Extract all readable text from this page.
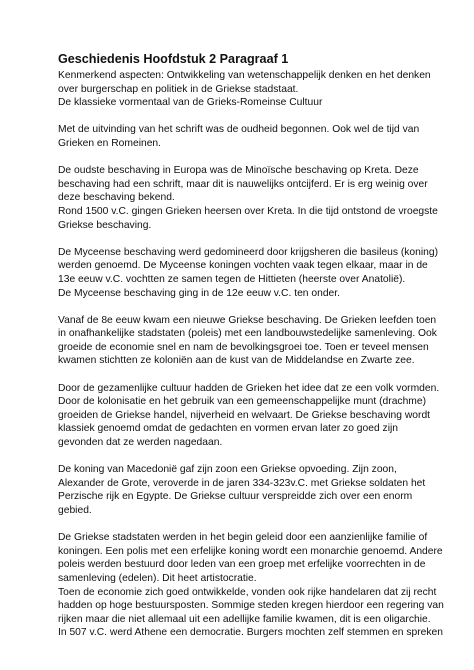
Geschiedenis Hoofdstuk 2 Paragraaf 1
Kenmerkend aspecten: Ontwikkeling van wetenschappelijk denken en het denken
over burgerschap en politiek in de Griekse stadstaat.
De klassieke vormentaal van de Grieks-Romeinse Cultuur
Met de uitvinding van het schrift was de oudheid begonnen. Ook wel de tijd van
Grieken en Romeinen.
De oudste beschaving in Europa was de Minoïsche beschaving op Kreta. Deze
beschaving had een schrift, maar dit is nauwelijks ontcijferd. Er is erg weinig over
deze beschaving bekend.
Rond 1500 v.C. gingen Grieken heersen over Kreta. In die tijd ontstond de vroegste
Griekse beschaving.
De Myceense beschaving werd gedomineerd door krijgsheren die basileus (koning)
werden genoemd. De Myceense koningen vochten vaak tegen elkaar, maar in de
13e eeuw v.C. vochtten ze samen tegen de Hittieten (heerste over Anatolië).
De Myceense beschaving ging in de 12e eeuw v.C. ten onder.
Vanaf de 8e eeuw kwam een nieuwe Griekse beschaving. De Grieken leefden toen
in onafhankelijke stadstaten (poleis) met een landbouwstedelijke samenleving. Ook
groeide de economie snel en nam de bevolkingsgroei toe. Toen er teveel mensen
kwamen stichtten ze koloniën aan de kust van de Middelandse en Zwarte zee.
Door de gezamenlijke cultuur hadden de Grieken het idee dat ze een volk vormden.
Door de kolonisatie en het gebruik van een gemeenschappelijke munt (drachme)
groeiden de Griekse handel, nijverheid en welvaart. De Griekse beschaving wordt
klassiek genoemd omdat de gedachten en vormen ervan later zo goed zijn
gevonden dat ze werden nagedaan.
De koning van Macedonië gaf zijn zoon een Griekse opvoeding. Zijn zoon,
Alexander de Grote, veroverde in de jaren 334-323v.C. met Griekse soldaten het
Perzische rijk en Egypte. De Griekse cultuur verspreidde zich over een enorm
gebied.
De Griekse stadstaten werden in het begin geleid door een aanzienlijke familie of
koningen. Een polis met een erfelijke koning wordt een monarchie genoemd. Andere
poleis werden bestuurd door leden van een groep met erfelijke voorrechten in de
samenleving (edelen). Dit heet artistocratie.
Toen de economie zich goed ontwikkelde, vonden ook rijke handelaren dat zij recht
hadden op hoge bestuursposten. Sommige steden kregen hierdoor een regering van
rijken maar die niet allemaal uit een adellijke familie kwamen, dit is een oligarchie.
In 507 v.C. werd Athene een democratie. Burgers mochten zelf stemmen en spreken
